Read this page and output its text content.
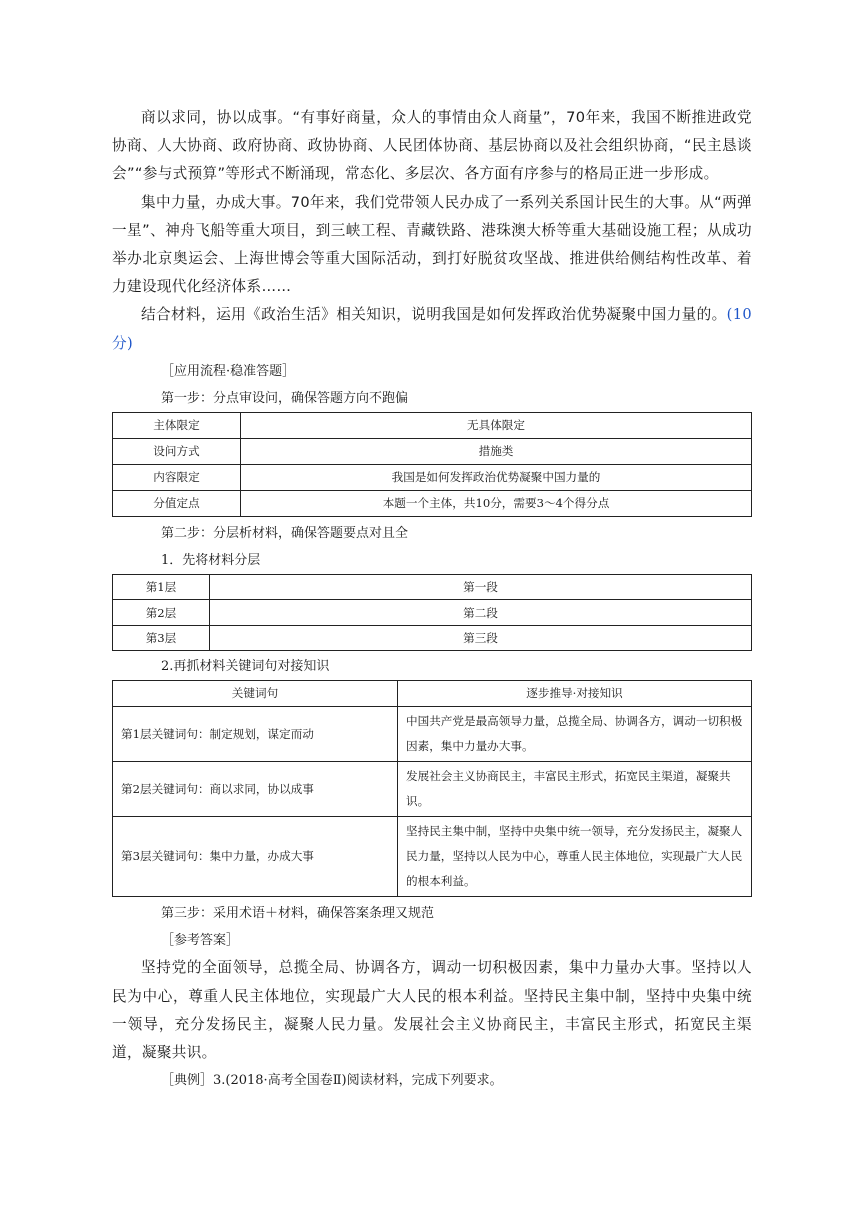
商以求同，协以成事。“有事好商量，众人的事情由众人商量”，70年来，我国不断推进政党协商、人大协商、政府协商、政协协商、人民团体协商、基层协商以及社会组织协商，“民主恳谈会”“参与式预算”等形式不断涌现，常态化、多层次、各方面有序参与的格局正进一步形成。

集中力量，办成大事。70年来，我们党带领人民办成了一系列关系国计民生的大事。从“两弹一星”、神舟飞船等重大项目，到三峡工程、青藏铁路、港珠澳大桥等重大基础设施工程；从成功举办北京奥运会、上海世博会等重大国际活动，到打好脱贫攻坚战、推进供给侧结构性改革、着力建设现代化经济体系……

结合材料，运用《政治生活》相关知识，说明我国是如何发挥政治优势凝聚中国力量的。(10分)

［应用流程·稳准答题］

第一步：分点审设问，确保答题方向不跑偏

主体限定	无具体限定
设问方式	措施类
内容限定	我国是如何发挥政治优势凝聚中国力量的
分值定点	本题一个主体，共10分，需要3～4个得分点

第二步：分层析材料，确保答题要点对且全

1．先将材料分层

第1层	第一段
第2层	第二段
第3层	第三段

2.再抓材料关键词句对接知识

关键词句	逐步推导·对接知识
第1层关键词句：制定规划，谋定而动	中国共产党是最高领导力量，总揽全局、协调各方，调动一切积极因素，集中力量办大事。
第2层关键词句：商以求同，协以成事	发展社会主义协商民主，丰富民主形式，拓宽民主渠道，凝聚共识。
第3层关键词句：集中力量，办成大事	坚持民主集中制，坚持中央集中统一领导，充分发扬民主，凝聚人民力量，坚持以人民为中心，尊重人民主体地位，实现最广大人民的根本利益。

第三步：采用术语＋材料，确保答案条理又规范

［参考答案］

坚持党的全面领导，总揽全局、协调各方，调动一切积极因素，集中力量办大事。坚持以人民为中心，尊重人民主体地位，实现最广大人民的根本利益。坚持民主集中制，坚持中央集中统一领导，充分发扬民主，凝聚人民力量。发展社会主义协商民主，丰富民主形式，拓宽民主渠道，凝聚共识。

［典例］3.(2018·高考全国卷Ⅱ)阅读材料，完成下列要求。
